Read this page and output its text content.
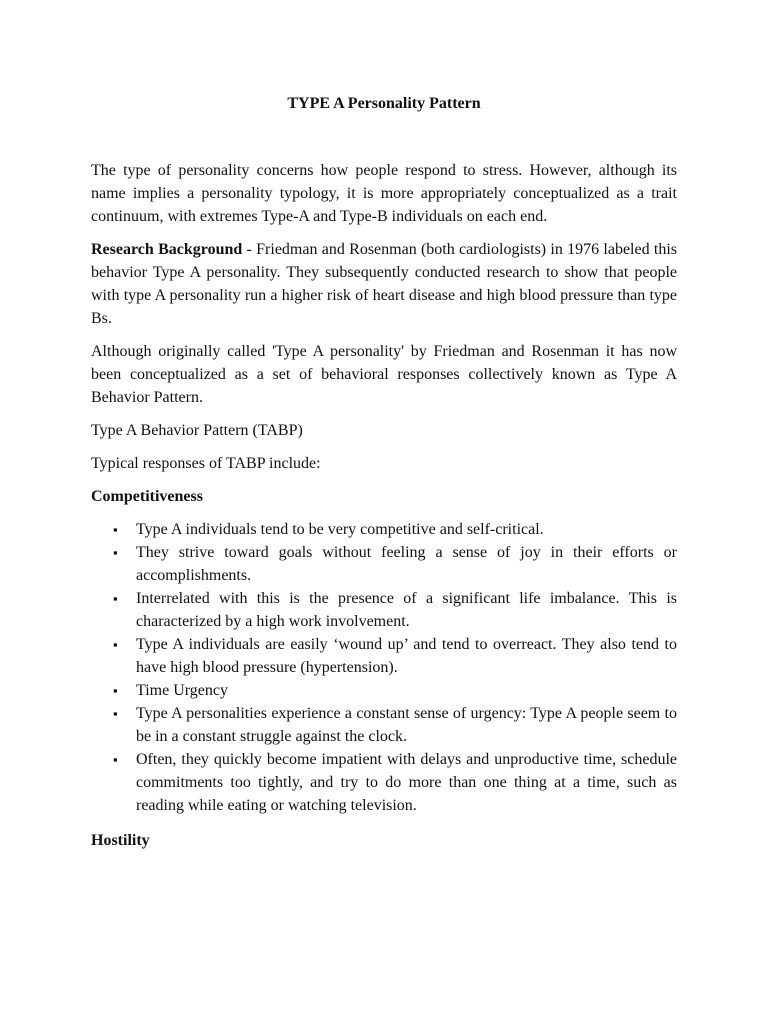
TYPE A Personality Pattern

The type of personality concerns how people respond to stress. However, although its name implies a personality typology, it is more appropriately conceptualized as a trait continuum, with extremes Type-A and Type-B individuals on each end.

Research Background - Friedman and Rosenman (both cardiologists) in 1976 labeled this behavior Type A personality. They subsequently conducted research to show that people with type A personality run a higher risk of heart disease and high blood pressure than type Bs.

Although originally called 'Type A personality' by Friedman and Rosenman it has now been conceptualized as a set of behavioral responses collectively known as Type A Behavior Pattern.

Type A Behavior Pattern (TABP)

Typical responses of TABP include:

Competitiveness
▪ Type A individuals tend to be very competitive and self-critical.
▪ They strive toward goals without feeling a sense of joy in their efforts or accomplishments.
▪ Interrelated with this is the presence of a significant life imbalance. This is characterized by a high work involvement.
▪ Type A individuals are easily ‘wound up’ and tend to overreact. They also tend to have high blood pressure (hypertension).
▪ Time Urgency
▪ Type A personalities experience a constant sense of urgency: Type A people seem to be in a constant struggle against the clock.
▪ Often, they quickly become impatient with delays and unproductive time, schedule commitments too tightly, and try to do more than one thing at a time, such as reading while eating or watching television.
Hostility
